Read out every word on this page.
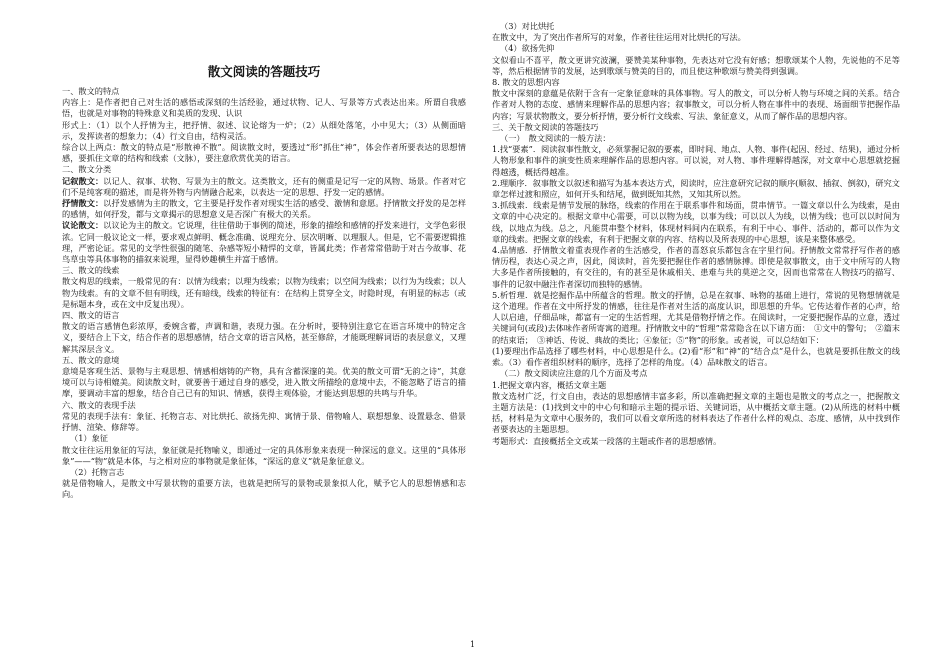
散文阅读的答题技巧

一、散文的特点

内容上：是作者把自己对生活的感悟或深刻的生活经验，通过状物、记人、写景等方式表达出来。所谓自我感悟，也就是对事物的特殊意义和美质的发现、认识

形式上：（1）以个人抒情为主，把抒情、叙述、议论熔为一炉；（2）从细处落笔，小中见大；（3）从侧面暗示，发挥读者的想象力；（4）行文自由，结构灵活。

综合以上两点：散文的特点是“形散神不散”。阅读散文时，要透过“形”抓住“神”，体会作者所要表达的思想情感，要抓住文章的结构和线索（文脉），要注意欣赏优美的语言。

二、散文分类

记叙散文：以记人、叙事、状物、写景为主的散文。这类散文，还有的侧重是记写一定的风物、场景。作者对它们不是纯客观的描述，而是将外物与内情融合起来，以表达一定的思想、抒发一定的感情。

抒情散文：以抒发感情为主的散文，它主要是抒发作者对现实生活的感受、激情和意愿。抒情散文抒发的是怎样的感情，如何抒发，都与文章揭示的思想意义是否深广有极大的关系。

议论散文：以议论为主的散文。它说理，往往借助于事例的简述，形象的描绘和感情的抒发来进行，文学色彩很浓。它同一般议论文一样，要求观点鲜明、概念准确、说理充分、层次明晰、以理服人。但是，它不需要逻辑推理，严密论证。常见的文学性很强的随笔、杂感等短小精悍的文章，皆属此类；作者常常借助于对古今故事、花鸟草虫等具体事物的描叙来说理，显得妙趣横生并富于感情。

三、散文的线索

散文构思的线索，一般常见的有：以情为线索；以理为线索；以物为线索；以空间为线索；以行为为线索；以人物为线索。有的文章不但有明线，还有暗线，线索的特征有：在结构上贯穿全文，时隐时现，有明显的标志（或是标题本身，或在文中反复出现）。

四、散文的语言

散文的语言感情色彩浓厚，委婉含蓄，声调和谐，表现力强。在分析时，要特别注意它在语言环境中的特定含义，要结合上下文，结合作者的思想感情，结合文章的语言风格，甚至修辞，才能既理解词语的表层意义，又理解其深层含义。

五、散文的意境

意境是客观生活、景物与主观思想、情感相熔铸的产物，具有含蓄深邃的美。优美的散文可谓“无韵之诗”，其意境可以与诗相媲美。阅读散文时，就要善于通过自身的感受，进入散文所描绘的意境中去，不能忽略了语言的描摩，要调动丰富的想象，结合自己已有的知识、情感，获得主观体验，才能达到思想的共鸣与升华。

六、散文的表现手法

常见的表现手法有：象征、托物言志、对比烘托、欲扬先抑、寓情于景、借物喻人、联想想象、设置悬念、借景抒情、渲染、修辞等。

（1）象征

散文往往运用象征的写法，象征就是托物喻义，即通过一定的具体形象来表现一种深远的意义。这里的“具体形象”——“物”就是本体，与之相对应的事物就是象征体，“深远的意义”就是象征意义。

（2）托物言志

就是借物喻人，是散文中写景状物的重要方法，也就是把所写的景物或景象拟人化，赋予它人的思想情感和志向。

（3）对比烘托

在散文中，为了突出作者所写的对象，作者往往运用对比烘托的写法。

（4）欲扬先抑

文似看山不喜平，散文更讲究波澜，要赞美某种事物，先表达对它没有好感；想歌颂某个人物，先说他的不足等等，然后根据情节的发展，达到歌颂与赞美的目的，而且使这种歌颂与赞美得到强调。

8. 散文的思想内容

散文中深刻的意蕴是依附于含有一定象征意味的具体事物。写人的散文，可以分析人物与环境之间的关系。结合作者对人物的态度、感情来理解作品的思想内容；叙事散文，可以分析人物在事件中的表现、场面细节把握作品内容；写景状物散文，要分析抒情，要分析行文线索、写法、象征意义，从而了解作品的思想内容。

三、关于散文阅读的答题技巧

（一）　散文阅读的一般方法：

1.找“要素”．阅读叙事性散文，必须掌握记叙的要素，即时间、地点、人物、事件(起因、经过、结果)，通过分析人物形象和事件的演变性质来理解作品的思想内容。可以说，对人物、事件理解得越深，对文章中心思想就挖掘得越透，概括得越准。

2.理顺序．叙事散文以叙述和描写为基本表达方式，阅读时，应注意研究记叙的顺序(顺叙、插叙、倒叙)，研究文章怎样过渡和照应，如何开头和结尾，做到既知其然，又知其所以然。

3.抓线索．线索是情节发展的脉络，线索的作用在于联系事件和场面，贯串情节。一篇文章以什么为线索，是由文章的中心决定的。根据文章中心需要，可以以物为线，以事为线；可以以人为线，以情为线；也可以以时间为线，以地点为线。总之，凡能贯串整个材料，体现材料间内在联系，有利于中心、事件、活动的，都可以作为文章的线索。把握文章的线索，有利于把握文章的内容、结构以及所表现的中心思想，该是来整体感受。

4.品情感．抒情散文着重表现作者的生活感受，作者的喜怒哀乐都包含在字里行间。抒情散文常常抒写作者的感情历程，表达心灵之声，因此，阅读时，首先要把握住作者的感情脉搏。即使是叙事散文，由于文中所写的人物大多是作者所接触的，有交往的，有的甚至是休戚相关、患难与共的莫逆之交，因而也常常在人物技巧的描写、事件的记叙中融注作者深切而独特的感情。

5.析哲理．就是挖掘作品中所蕴含的哲理。散文的抒情，总是在叙事、咏物的基础上进行，常说的见物想情就是这个道理。作者在文中所抒发的情感，往往是作者对生活的高度认识，即思想的升华。它传达着作者的心声，给人以启迪，仔细品味，都富有一定的生活哲理，尤其是借物抒情之作。在阅读时，一定要把握作品的立意，透过关键词句(或段)去体味作者所寄寓的道理。抒情散文中的“哲理”常常隐含在以下诸方面：　①文中的警句；　②篇末的结束语；　③神话、传说、典故的类比；④象征；⑤“物”的形象。或者说，可以总结如下：

(1)要理出作品选择了哪些材料，中心思想是什么。(2)看“形”和“神”的“结合点”是什么，也就是要抓住散文的线索。（3）看作者组织材料的顺序，选择了怎样的角度。（4）品味散文的语言。

（二）散文阅读应注意的几个方面及考点

1.把握文章内容，概括文章主题

散文选材广泛，行文自由，表达的思想感情丰富多彩，所以准确把握文章的主题也是散文的考点之一，把握散文主题方法是：(1)找到文中的中心句和暗示主题的提示语、关键词语，从中概括文章主题。(2)从所选的材料中概括，材料是为文章中心服务的，我们可以看文章所选的材料表达了作者什么样的观点、态度、感情，从中找到作者要表达的主题思想。

考题形式：直接概括全文或某一段落的主题或作者的思想感情。

1
